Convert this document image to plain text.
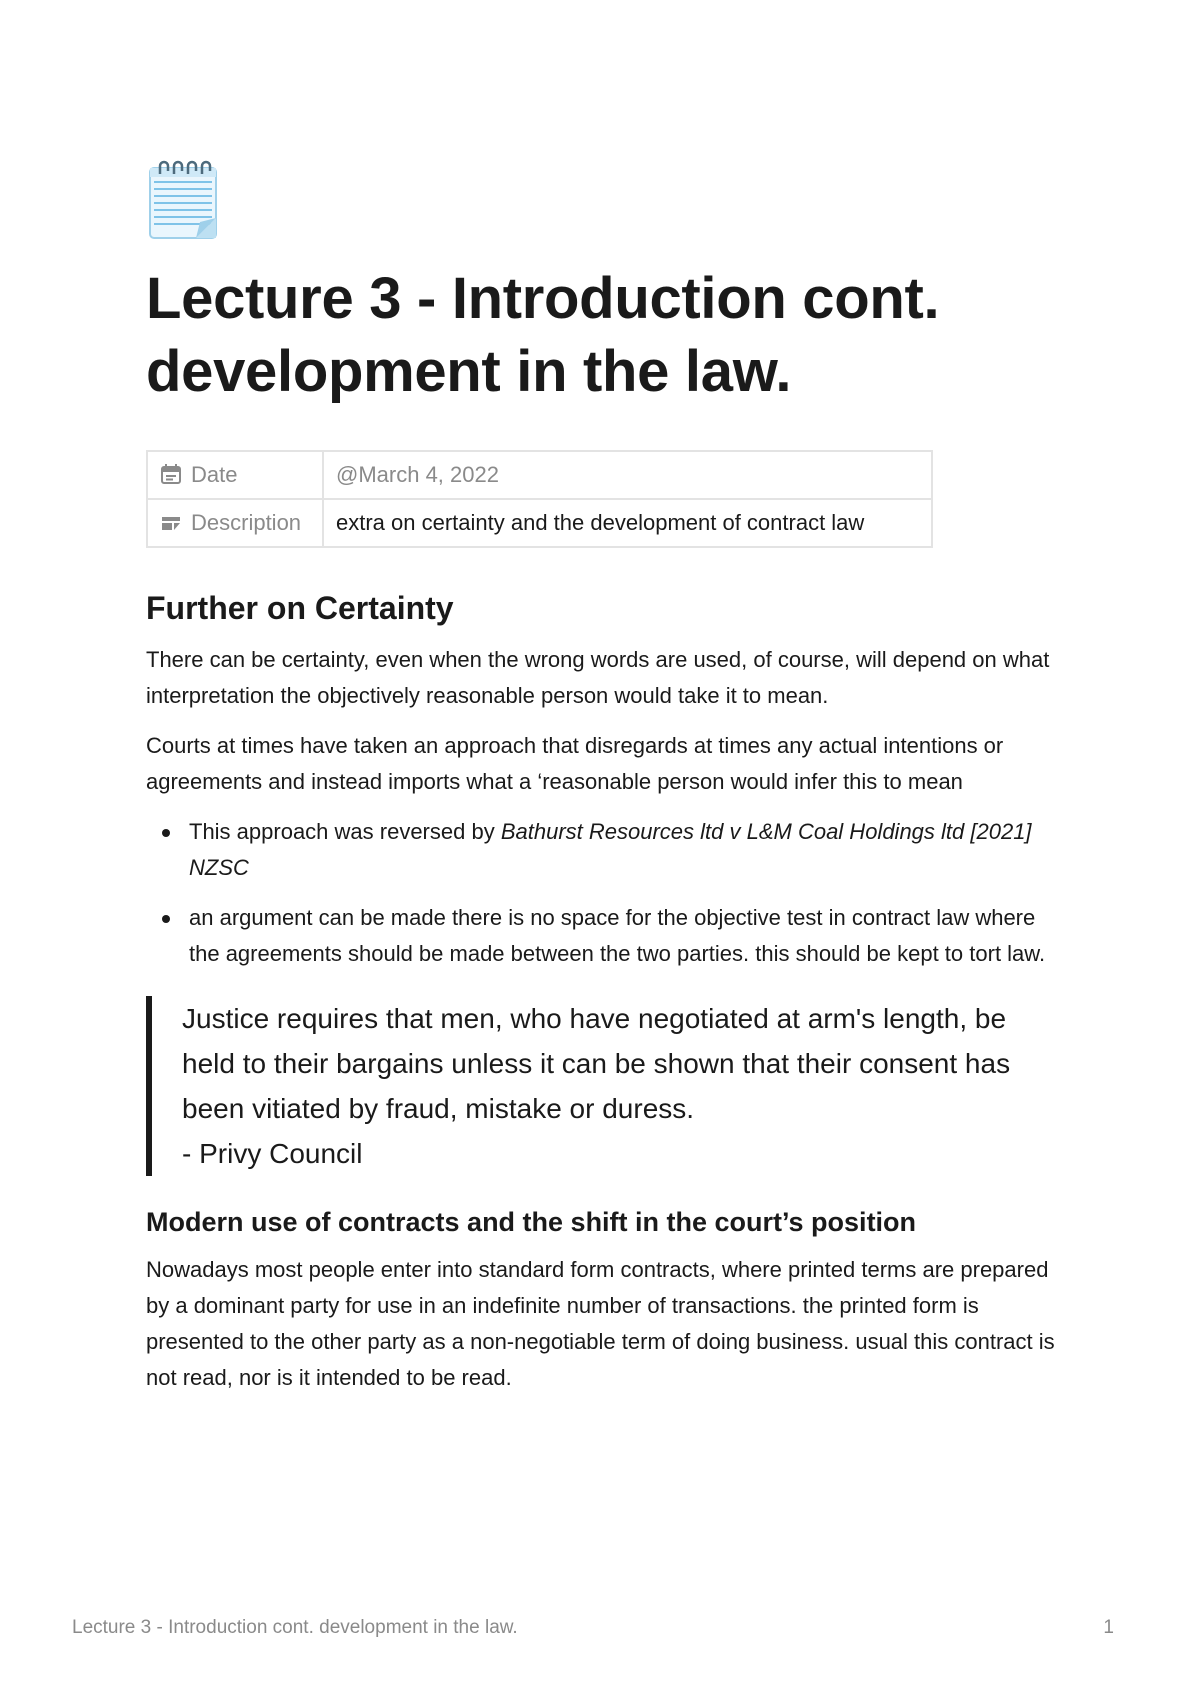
Lecture 3 - Introduction cont.
development in the law.
Date	@March 4, 2022
Description	extra on certainty and the development of contract law
Further on Certainty

There can be certainty, even when the wrong words are used, of course, will depend on what interpretation the objectively reasonable person would take it to mean.

Courts at times have taken an approach that disregards at times any actual intentions or agreements and instead imports what a ‘reasonable person would infer this to mean

This approach was reversed by Bathurst Resources ltd v L&M Coal Holdings ltd [2021] NZSC
an argument can be made there is no space for the objective test in contract law where the agreements should be made between the two parties. this should be kept to tort law.
Justice requires that men, who have negotiated at arm's length, be held to their bargains unless it can be shown that their consent has been vitiated by fraud, mistake or duress.
- Privy Council
Modern use of contracts and the shift in the court’s position

Nowadays most people enter into standard form contracts, where printed terms are prepared by a dominant party for use in an indefinite number of transactions. the printed form is presented to the other party as a non-negotiable term of doing business. usual this contract is not read, nor is it intended to be read.

Lecture 3 - Introduction cont. development in the law.	1
